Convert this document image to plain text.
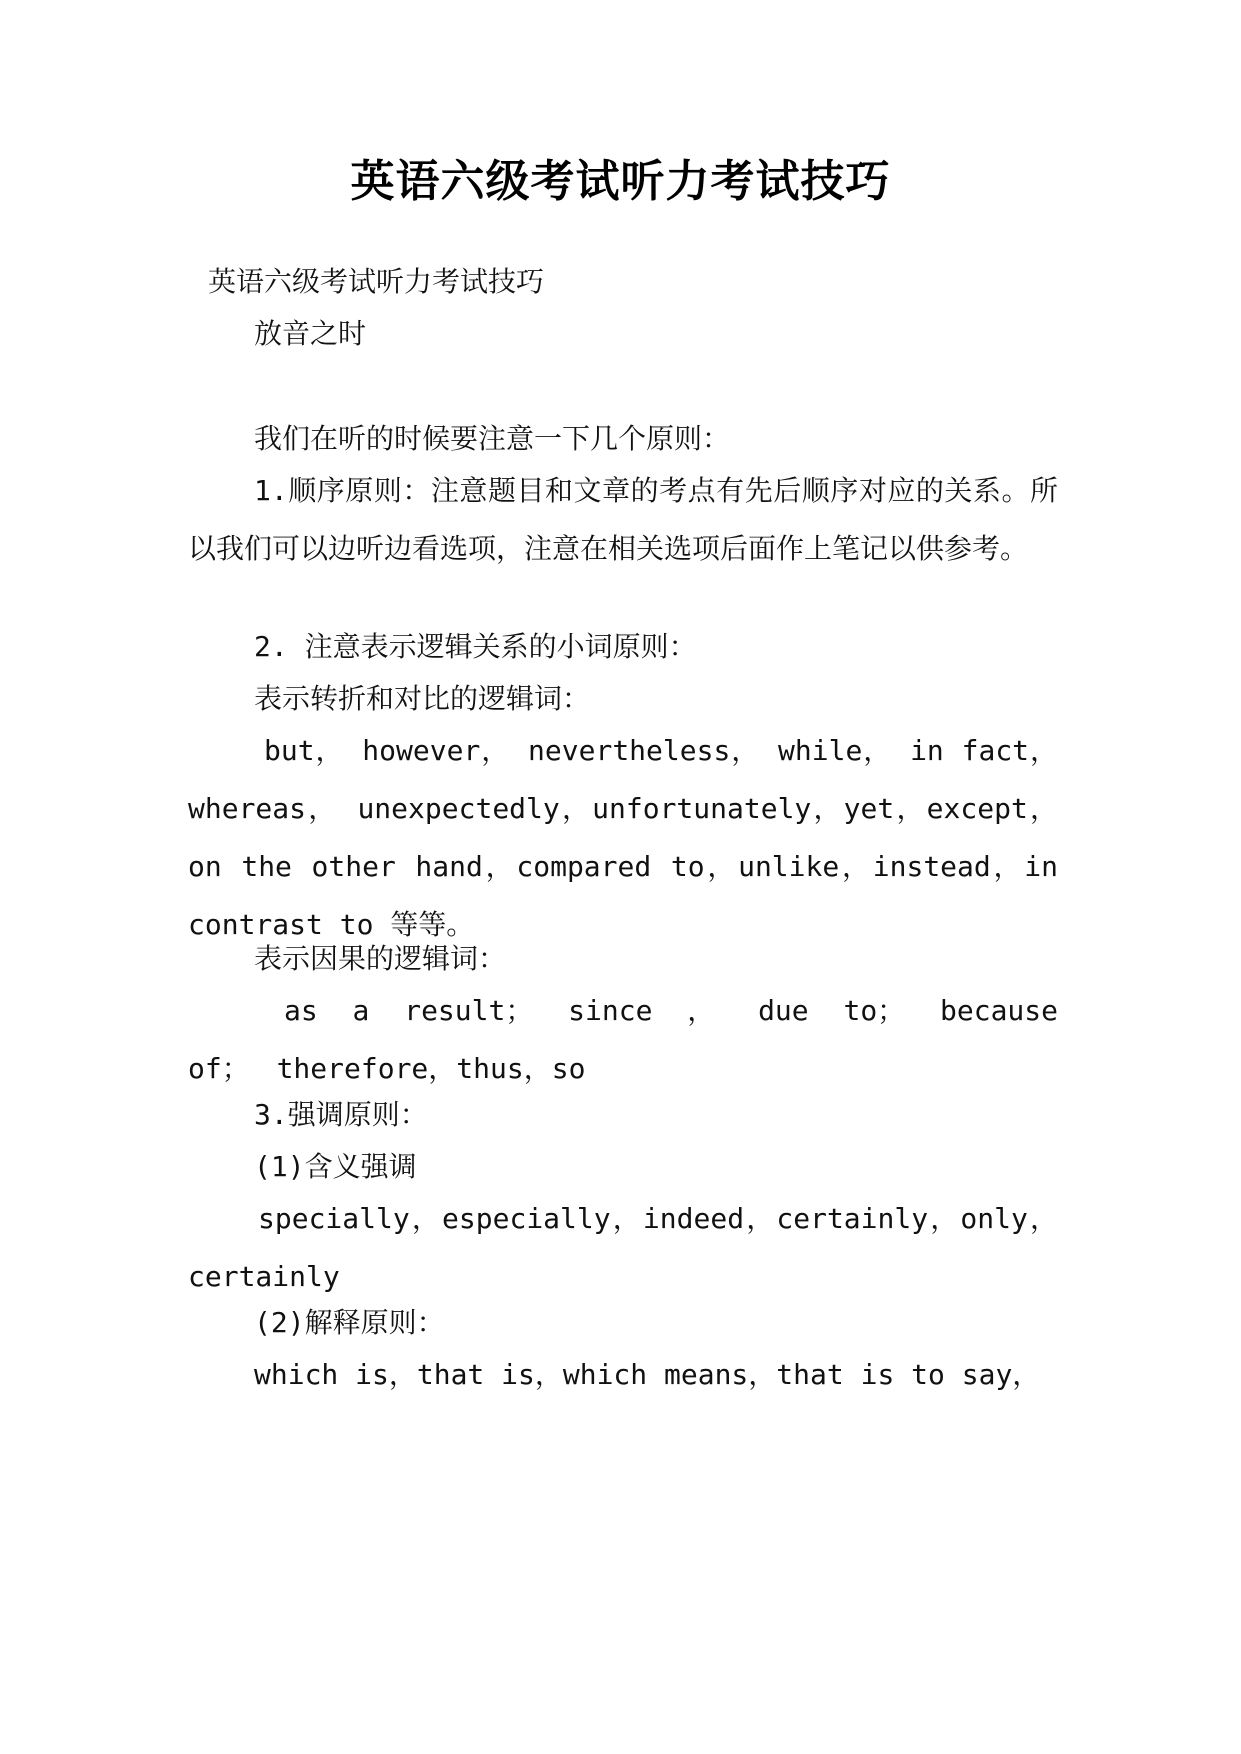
英语六级考试听力考试技巧
英语六级考试听力考试技巧
放音之时
我们在听的时候要注意一下几个原则：
1.顺序原则：注意题目和文章的考点有先后顺序对应的关系。所以我们可以边听边看选项，注意在相关选项后面作上笔记以供参考。
2. 注意表示逻辑关系的小词原则：
表示转折和对比的逻辑词：
but， however， nevertheless， while， in fact， whereas， unexpectedly，unfortunately，yet，except，on the other hand，compared to，unlike，instead，in contrast to 等等。
表示因果的逻辑词：
as a result； since ， due to； because of； therefore，thus，so
3.强调原则：
(1)含义强调
specially，especially，indeed，certainly，only，certainly
(2)解释原则：
which is，that is，which means，that is to say，
